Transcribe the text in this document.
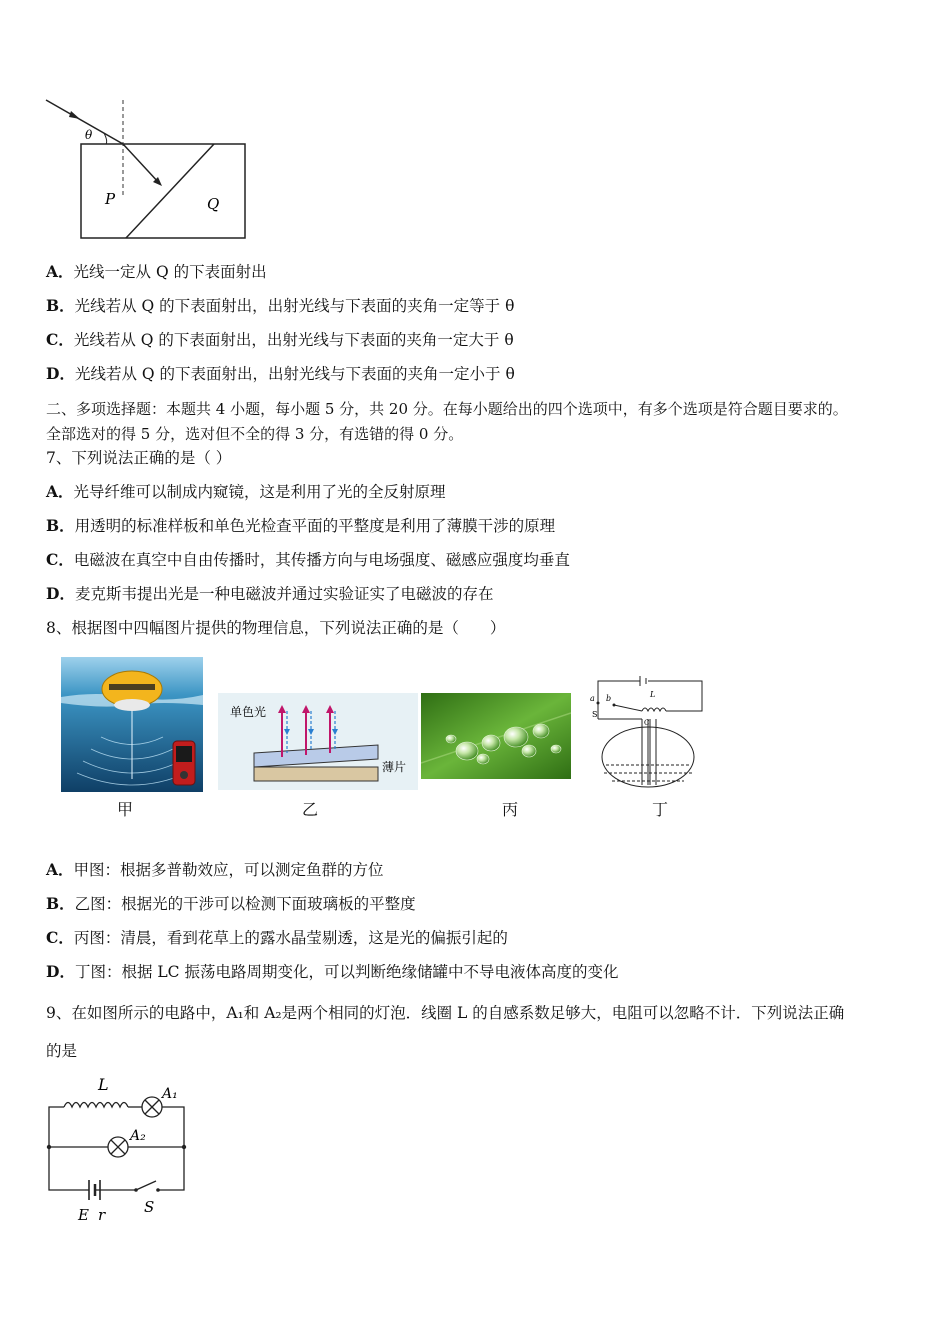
θ
P	Q
A．光线一定从 Q 的下表面射出
B．光线若从 Q 的下表面射出，出射光线与下表面的夹角一定等于 θ
C．光线若从 Q 的下表面射出，出射光线与下表面的夹角一定大于 θ
D．光线若从 Q 的下表面射出，出射光线与下表面的夹角一定小于 θ
二、多项选择题：本题共 4 小题，每小题 5 分，共 20 分。在每小题给出的四个选项中，有多个选项是符合题目要求的。
全部选对的得 5 分，选对但不全的得 3 分，有选错的得 0 分。
7、下列说法正确的是（ ）
A．光导纤维可以制成内窥镜，这是利用了光的全反射原理
B．用透明的标准样板和单色光检查平面的平整度是利用了薄膜干涉的原理
C．电磁波在真空中自由传播时，其传播方向与电场强度、磁感应强度均垂直
D．麦克斯韦提出光是一种电磁波并通过实验证实了电磁波的存在
8、根据图中四幅图片提供的物理信息，下列说法正确的是（　　）
单色光
薄片
a b
S
L
C
甲	乙	丙	丁
A．甲图：根据多普勒效应，可以测定鱼群的方位
B．乙图：根据光的干涉可以检测下面玻璃板的平整度
C．丙图：清晨，看到花草上的露水晶莹剔透，这是光的偏振引起的
D．丁图：根据 LC 振荡电路周期变化，可以判断绝缘储罐中不导电液体高度的变化
9、在如图所示的电路中，A₁和 A₂是两个相同的灯泡．线圈 L 的自感系数足够大，电阻可以忽略不计．下列说法正确
的是
L	A₁
A₂
E r	S
